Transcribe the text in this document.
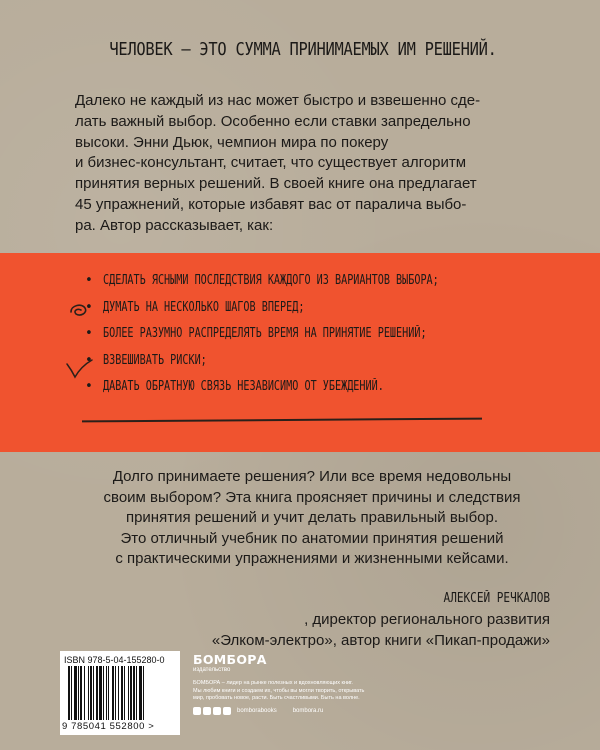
ЧЕЛОВЕК — ЭТО СУММА ПРИНИМАЕМЫХ ИМ РЕШЕНИЙ.
Далеко не каждый из нас может быстро и взвешенно сде-
лать важный выбор. Особенно если ставки запредельно
высоки. Энни Дьюк, чемпион мира по покеру
и бизнес-консультант, считает, что существует алгоритм
принятия верных решений. В своей книге она предлагает
45 упражнений, которые избавят вас от паралича выбо-
ра. Автор рассказывает, как:
• СДЕЛАТЬ ЯСНЫМИ ПОСЛЕДСТВИЯ КАЖДОГО ИЗ ВАРИАНТОВ ВЫБОРА;
• ДУМАТЬ НА НЕСКОЛЬКО ШАГОВ ВПЕРЕД;
• БОЛЕЕ РАЗУМНО РАСПРЕДЕЛЯТЬ ВРЕМЯ НА ПРИНЯТИЕ РЕШЕНИЙ;
• ВЗВЕШИВАТЬ РИСКИ;
• ДАВАТЬ ОБРАТНУЮ СВЯЗЬ НЕЗАВИСИМО ОТ УБЕЖДЕНИЙ.
Долго принимаете решения? Или все время недовольны
своим выбором? Эта книга проясняет причины и следствия
принятия решений и учит делать правильный выбор.
Это отличный учебник по анатомии принятия решений
с практическими упражнениями и жизненными кейсами.
АЛЕКСЕЙ РЕЧКАЛОВ
, директор регионального развития
«Элком-электро», автор книги «Пикап-продажи»
ISBN 978-5-04-155280-0
9 785041 552800 >
БОМБОРА
издательство
БОМБОРА – лидер на рынке полезных и вдохновляющих книг.
Мы любим книги и создаем их, чтобы вы могли творить, открывать
мир, пробовать новое, расти. Быть счастливыми. Быть на волне.
bomborabooks	bombora.ru
